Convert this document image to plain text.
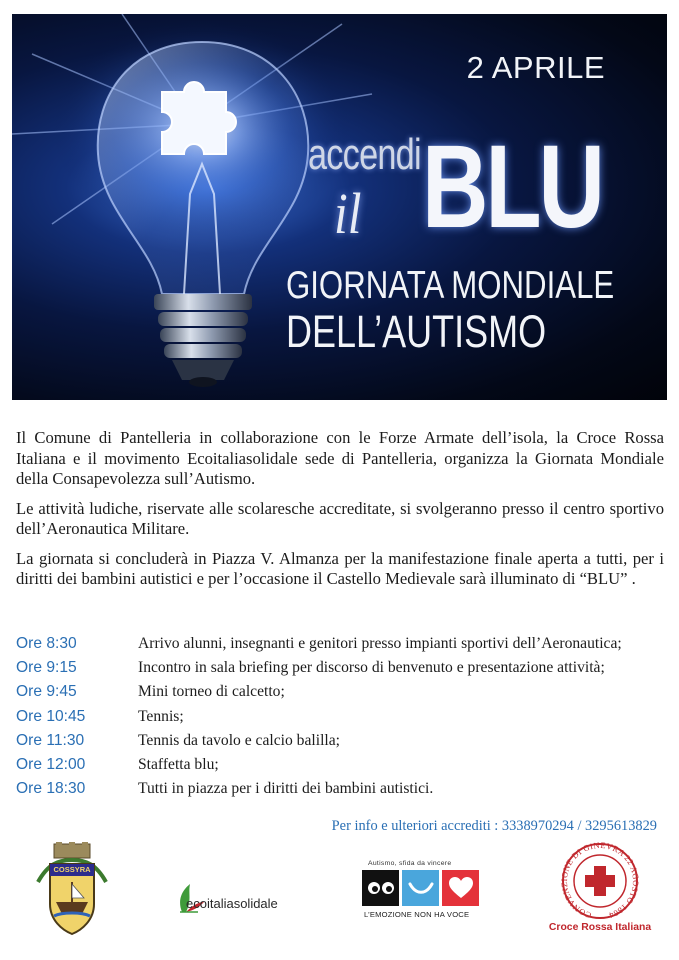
2 APRILE
accendi
il BLU
GIORNATA MONDIALE
DELL’AUTISMO

Il Comune di Pantelleria in collaborazione con le Forze Armate dell’isola, la Croce Rossa Italiana e il movimento Ecoitaliasolidale sede di Pantelleria, organizza la Giornata Mondiale della Consapevolezza sull’Autismo.

Le attività ludiche, riservate alle scolaresche accreditate, si svolgeranno presso il centro sportivo dell’Aeronautica Militare.

La giornata si concluderà in Piazza V. Almanza per la manifestazione finale aperta a tutti, per i diritti dei bambini autistici e per l’occasione il Castello Medievale sarà illuminato di “BLU” .

Ore 8:30	Arrivo alunni, insegnanti e genitori presso impianti sportivi dell’Aeronautica;
Ore 9:15	Incontro in sala briefing per discorso di benvenuto e presentazione attività;
Ore 9:45	Mini torneo di calcetto;
Ore 10:45	Tennis;
Ore 11:30	Tennis da tavolo e calcio balilla;
Ore 12:00	Staffetta blu;
Ore 18:30	Tutti in piazza per i diritti dei bambini autistici.
Per info e ulteriori accrediti : 3338970294 / 3295613829
COSSYRA
ecoitaliasolidale
Autismo, sfida da vincere
L’EMOZIONE NON HA VOCE	CONVENZIONE DI GINEVRA 22 AGOSTO 1864
Croce Rossa Italiana
